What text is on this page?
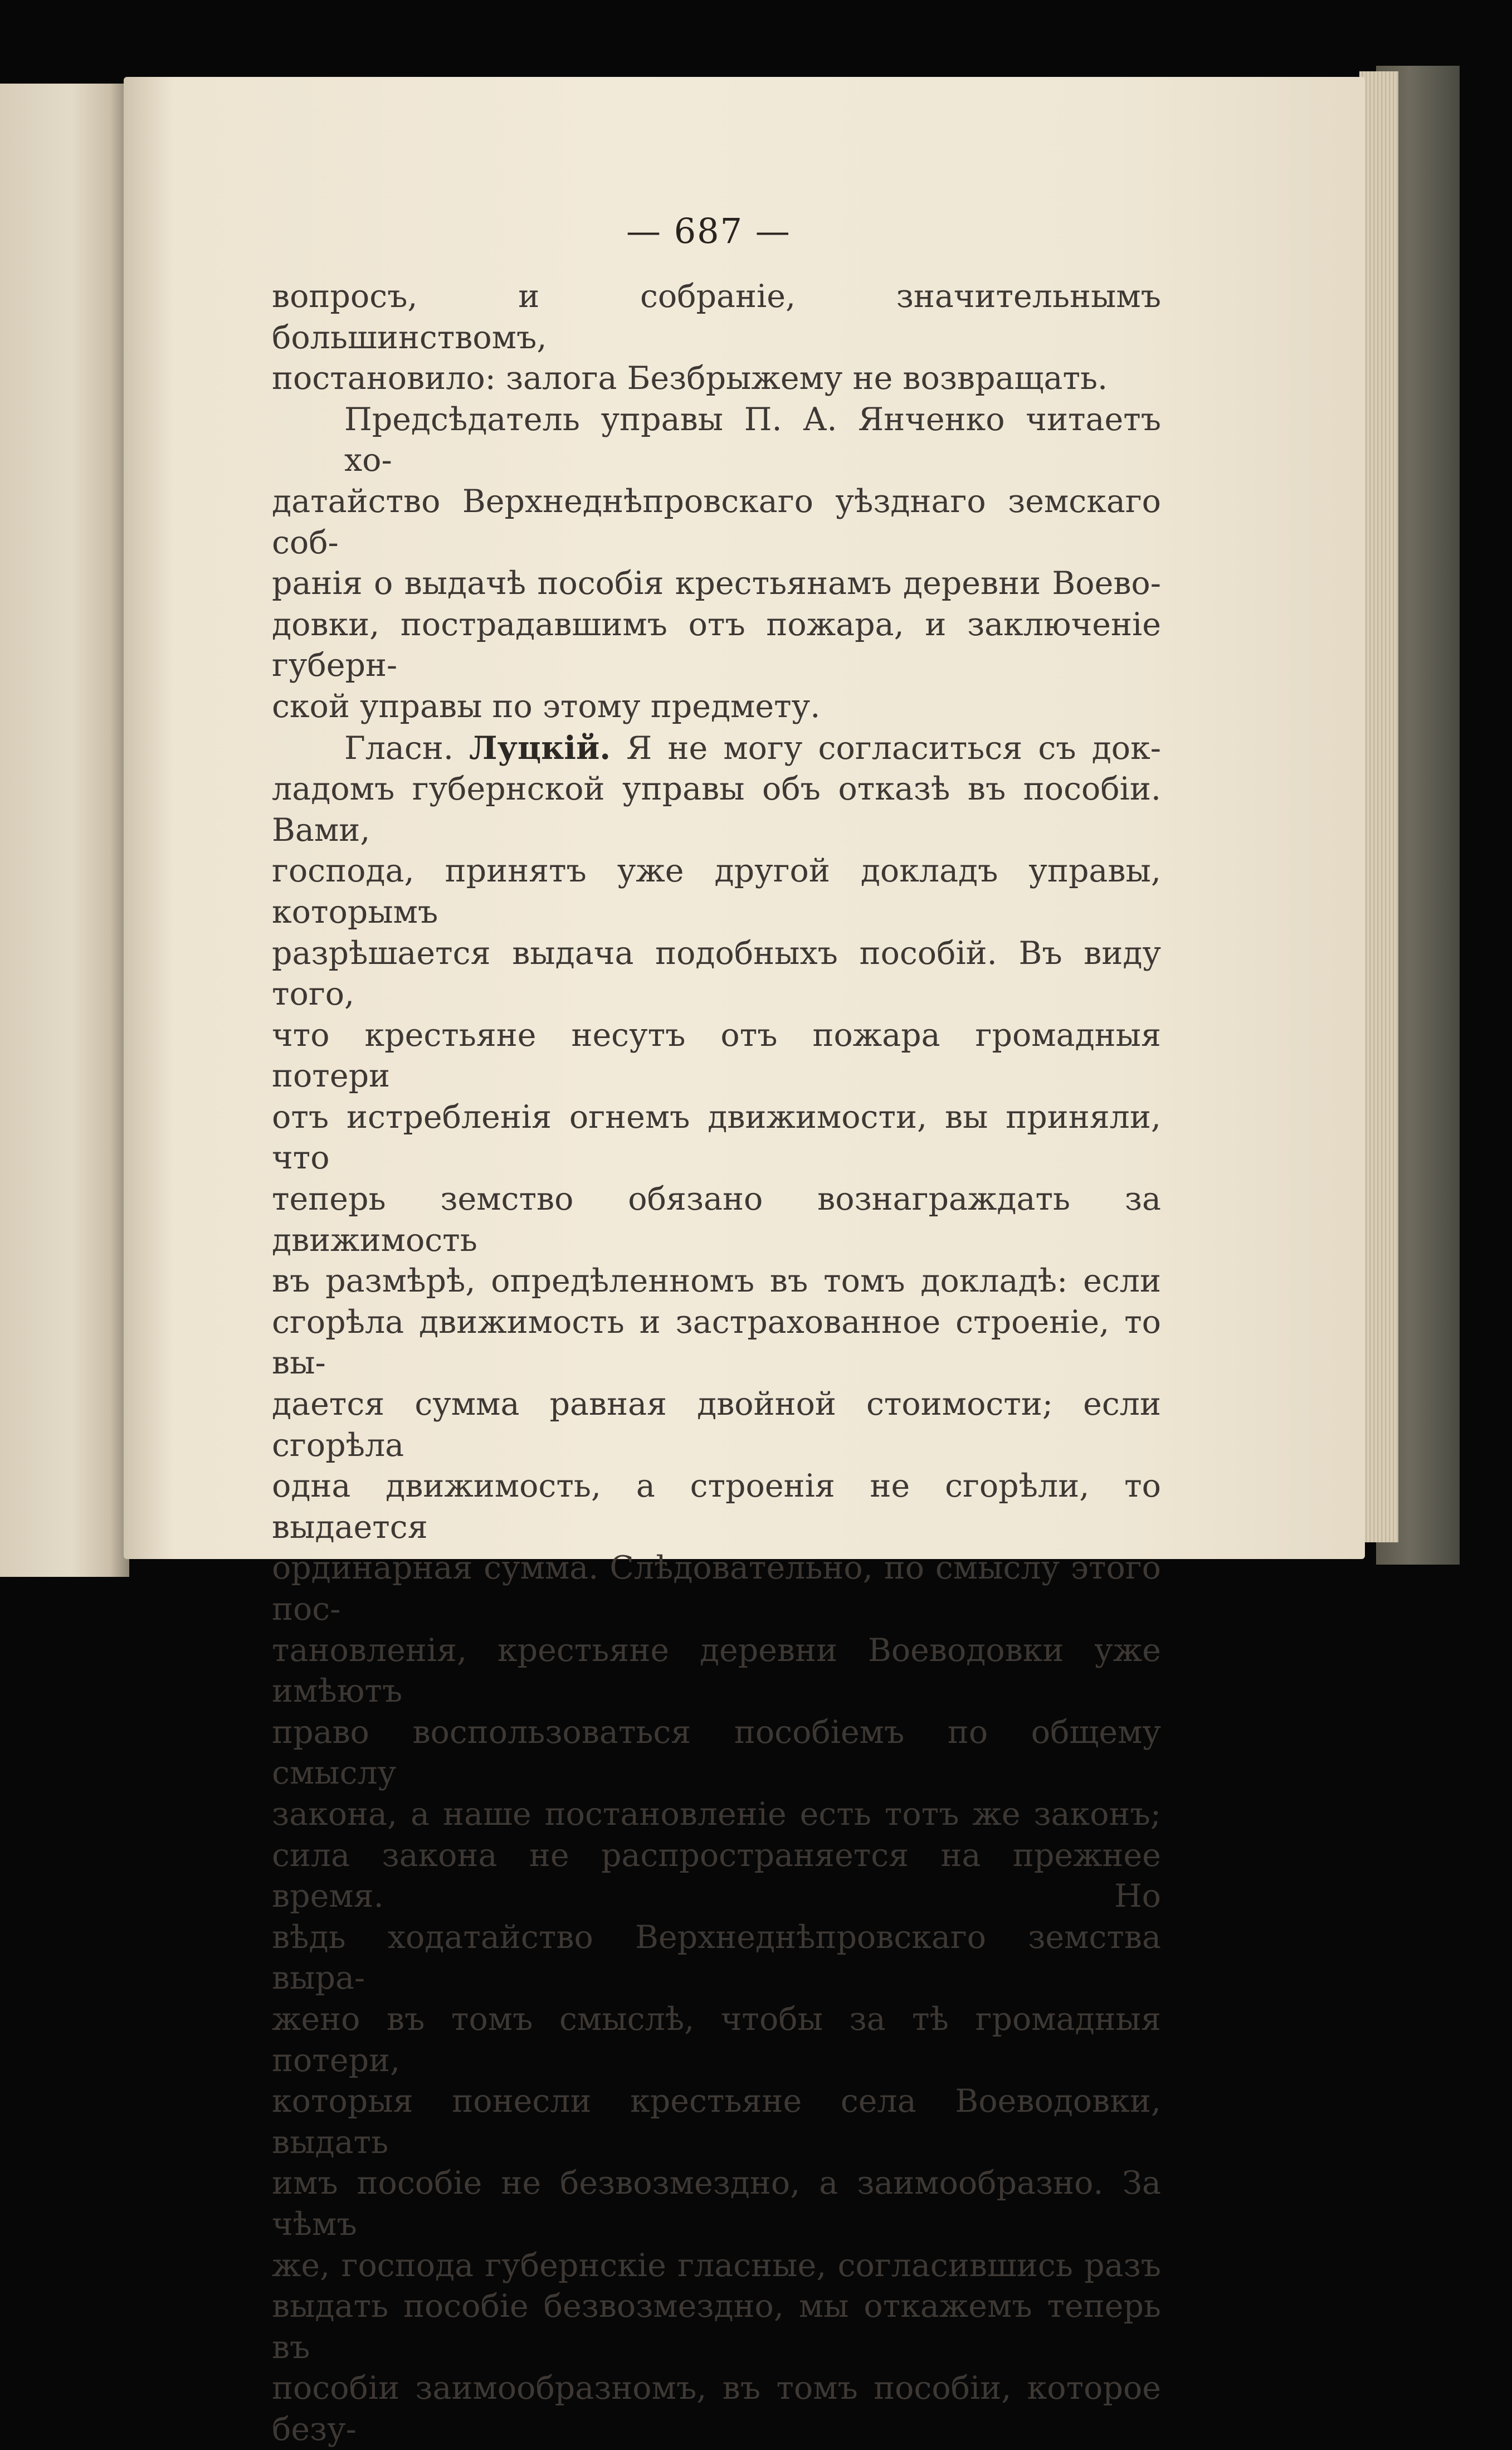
— 687 —

вопросъ, и собраніе, значительнымъ большинствомъ,
постановило: залога Безбрыжему не возвращать.

Предсѣдатель управы П. А. Янченко читаетъ хо-
датайство Верхнеднѣпровскаго уѣзднаго земскаго соб-
ранія о выдачѣ пособія крестьянамъ деревни Воево-
довки, пострадавшимъ отъ пожара, и заключеніе губерн-
ской управы по этому предмету.

Гласн. Луцкій. Я не могу согласиться съ док-
ладомъ губернской управы объ отказѣ въ пособіи. Вами,
господа, принятъ уже другой докладъ управы, которымъ
разрѣшается выдача подобныхъ пособій. Въ виду того,
что крестьяне несутъ отъ пожара громадныя потери
отъ истребленія огнемъ движимости, вы приняли, что
теперь земство обязано вознаграждать за движимость
въ размѣрѣ, опредѣленномъ въ томъ докладѣ: если
сгорѣла движимость и застрахованное строеніе, то вы-
дается сумма равная двойной стоимости; если сгорѣла
одна движимость, а строенія не сгорѣли, то выдается
ординарная сумма. Слѣдовательно, по смыслу этого пос-
тановленія, крестьяне деревни Воеводовки уже имѣютъ
право воспользоваться пособіемъ по общему смыслу
закона, а наше постановленіе есть тотъ же законъ;
сила закона не распространяется на прежнее время. Но
вѣдь ходатайство Верхнеднѣпровскаго земства выра-
жено въ томъ смыслѣ, чтобы за тѣ громадныя потери,
которыя понесли крестьяне села Воеводовки, выдать
имъ пособіе не безвозмездно, а заимообразно. За чѣмъ
же, господа губернскіе гласные, согласившись разъ
выдать пособіе безвозмездно, мы откажемъ теперь въ
пособіи заимообразномъ, въ томъ пособіи, которое безу-
